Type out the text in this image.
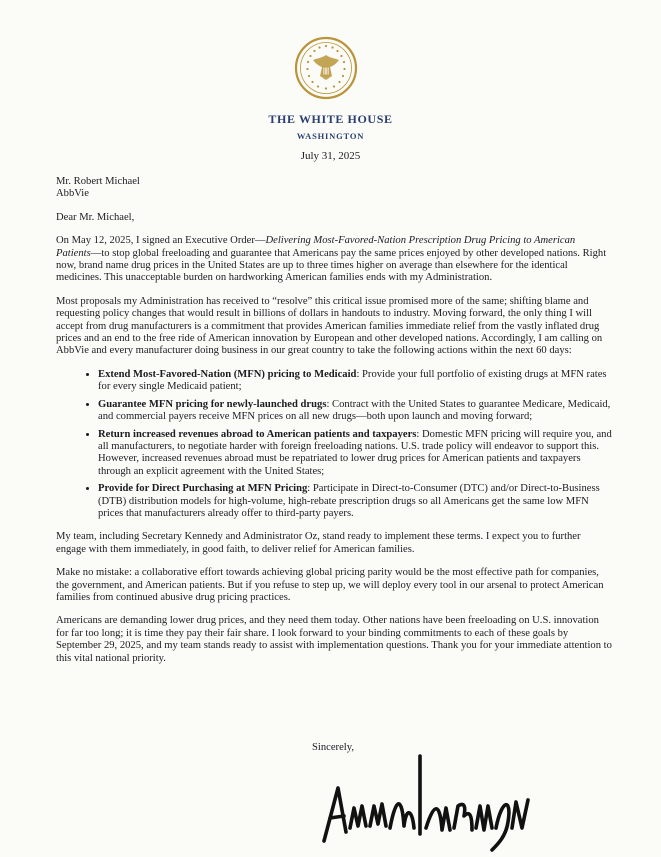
THE WHITE HOUSE
WASHINGTON
July 31, 2025

Mr. Robert Michael

AbbVie

Dear Mr. Michael,

On May 12, 2025, I signed an Executive Order—Delivering Most-Favored-Nation Prescription Drug Pricing to American Patients—to stop global freeloading and guarantee that Americans pay the same prices enjoyed by other developed nations. Right now, brand name drug prices in the United States are up to three times higher on average than elsewhere for the identical medicines. This unacceptable burden on hardworking American families ends with my Administration.

Most proposals my Administration has received to “resolve” this critical issue promised more of the same; shifting blame and requesting policy changes that would result in billions of dollars in handouts to industry. Moving forward, the only thing I will accept from drug manufacturers is a commitment that provides American families immediate relief from the vastly inflated drug prices and an end to the free ride of American innovation by European and other developed nations. Accordingly, I am calling on AbbVie and every manufacturer doing business in our great country to take the following actions within the next 60 days:

• Extend Most-Favored-Nation (MFN) pricing to Medicaid: Provide your full portfolio of existing drugs at MFN rates for every single Medicaid patient;
• Guarantee MFN pricing for newly-launched drugs: Contract with the United States to guarantee Medicare, Medicaid, and commercial payers receive MFN prices on all new drugs—both upon launch and moving forward;
• Return increased revenues abroad to American patients and taxpayers: Domestic MFN pricing will require you, and all manufacturers, to negotiate harder with foreign freeloading nations. U.S. trade policy will endeavor to support this. However, increased revenues abroad must be repatriated to lower drug prices for American patients and taxpayers through an explicit agreement with the United States;
• Provide for Direct Purchasing at MFN Pricing: Participate in Direct-to-Consumer (DTC) and/or Direct-to-Business (DTB) distribution models for high-volume, high-rebate prescription drugs so all Americans get the same low MFN prices that manufacturers already offer to third-party payers.

My team, including Secretary Kennedy and Administrator Oz, stand ready to implement these terms. I expect you to further engage with them immediately, in good faith, to deliver relief for American families.

Make no mistake: a collaborative effort towards achieving global pricing parity would be the most effective path for companies, the government, and American patients. But if you refuse to step up, we will deploy every tool in our arsenal to protect American families from continued abusive drug pricing practices.

Americans are demanding lower drug prices, and they need them today. Other nations have been freeloading on U.S. innovation for far too long; it is time they pay their fair share. I look forward to your binding commitments to each of these goals by September 29, 2025, and my team stands ready to assist with implementation questions. Thank you for your immediate attention to this vital national priority.

Sincerely,
